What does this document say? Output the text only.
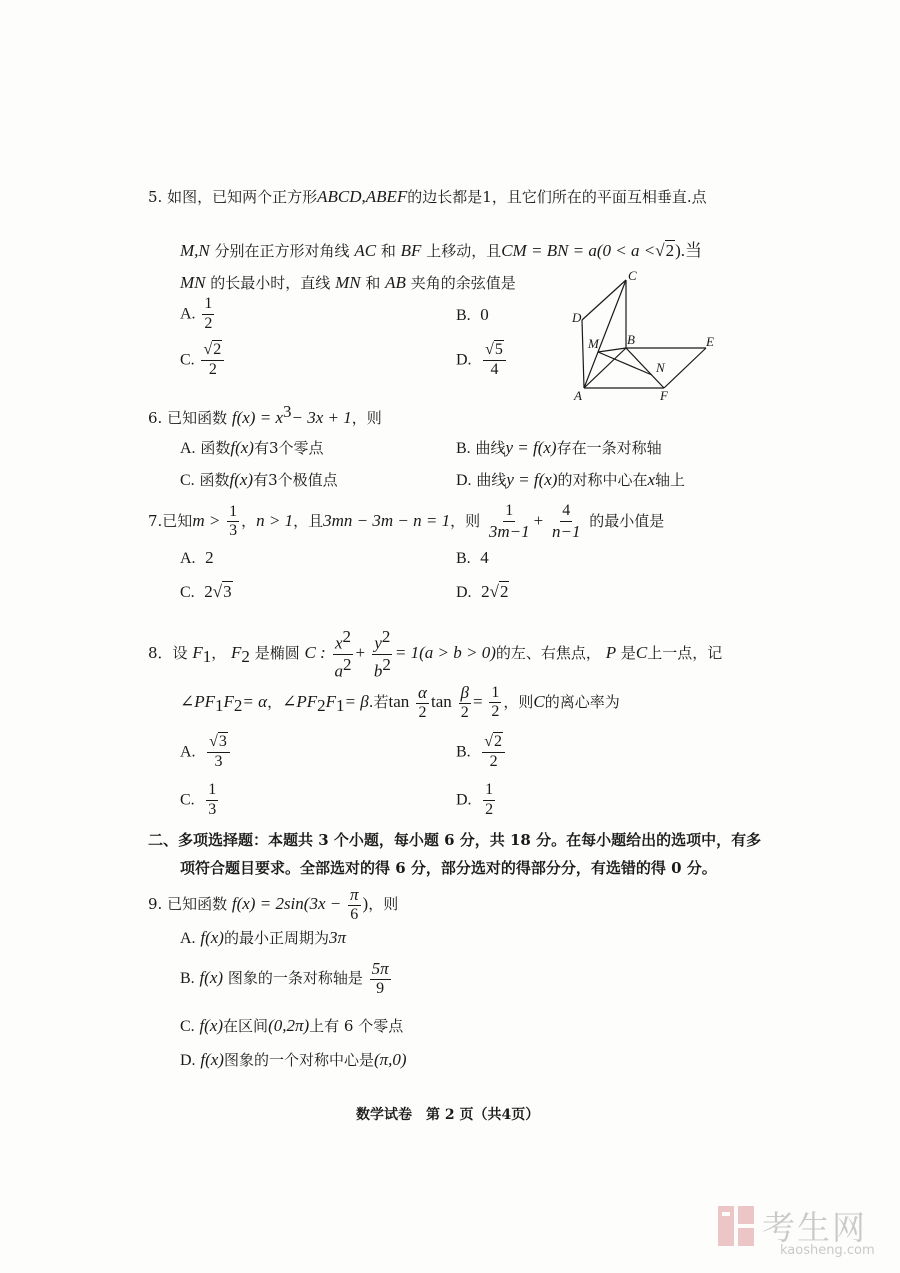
5. 如图，已知两个正方形ABCD,ABEF的边长都是1，且它们所在的平面互相垂直.点
M,N 分别在正方形对角线 AC 和 BF 上移动，且CM = BN = a(0 < a <√2).当
MN 的长最小时，直线 MN 和 AB 夹角的余弦值是
A. $\frac{1}{2}$	B. 0
C. $\frac{√2}{2}$	D. $\frac{√5}{4}$
C
D
M B	E
N
A	F
6. 已知函数 $f(x) = x^3- 3x + 1$，则
A. 函数f(x)有3个零点	B. 曲线y = f(x)存在一条对称轴
C. 函数f(x)有3个极值点	D. 曲线y = f(x)的对称中心在x轴上
7.已知$m > \frac{1}{3}$ ，n > 1，且3mn − 3m − n = 1，则 $\frac{1}{3m-1} + \frac{4}{n-1}$ 的最小值是
A. 2	B. 4
C. 2√3	D. 2√2
8．设 $F_1$， $F_2$ 是椭圆 C : $\frac{x^2}{a^2} + \frac{y^2}{b^2} = 1(a > b > 0)$的左、右焦点， P 是C上一点，记
$\angle PF_1F_2= \alpha$，$\angle PF_2F_1= \beta$.若$\tan \frac{\alpha}{2}$ $\tan \frac{\beta}{2} = \frac{1}{2}$ ，则C的离心率为
A. $\frac{√3}{3}$	B. $\frac{√2}{2}$
C. $\frac{1}{3}$	D. $\frac{1}{2}$
二、多项选择题：本题共 3 个小题，每小题 6 分，共 18 分。在每小题给出的选项中，有多
项符合题目要求。全部选对的得 6 分，部分选对的得部分分，有选错的得 0 分。
9. 已知函数 $f(x) = 2\sin(3x - \frac{\pi}{6}$ )，则
A. f(x)的最小正周期为3π
B. f(x) 图象的一条对称轴是 $\frac{5\pi}{9}$
C. f(x)在区间(0,2π)上有 6 个零点
D. f(x)图象的一个对称中心是(π,0)
数学试卷　第 2 页（共4页）
考生网
kaosheng.com
